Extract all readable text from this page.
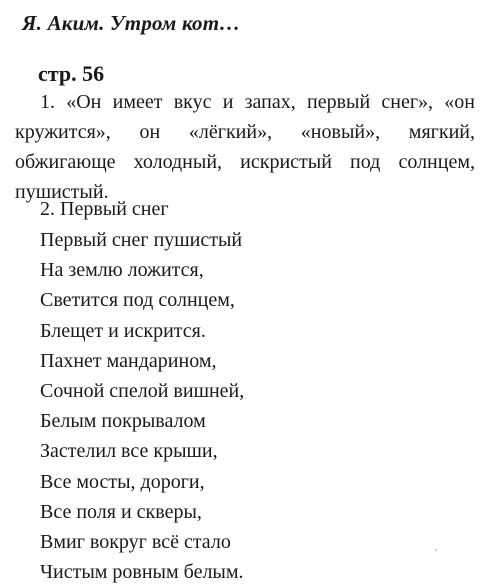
Я. Аким. Утром кот…
стр. 56

1. «Он имеет вкус и запах, первый снег», «он кружится», он «лёгкий», «новый», мягкий, обжигающе холодный, искристый под солнцем, пушистый.

2. Первый снег
Первый снег пушистый
На землю ложится,
Светится под солнцем,
Блещет и искрится.
Пахнет мандарином,
Сочной спелой вишней,
Белым покрывалом
Застелил все крыши,
Все мосты, дороги,
Все поля и скверы,
Вмиг вокруг всё стало
Чистым ровным белым.
